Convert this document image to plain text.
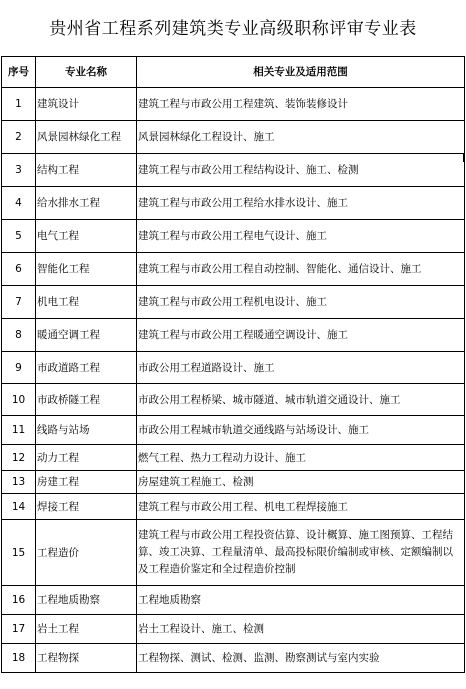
贵州省工程系列建筑类专业高级职称评审专业表
序号	专业名称	相关专业及适用范围
1	建筑设计	建筑工程与市政公用工程建筑、装饰装修设计
2	风景园林绿化工程	风景园林绿化工程设计、施工
3	结构工程	建筑工程与市政公用工程结构设计、施工、检测
4	给水排水工程	建筑工程与市政公用工程给水排水设计、施工
5	电气工程	建筑工程与市政公用工程电气设计、施工
6	智能化工程	建筑工程与市政公用工程自动控制、智能化、通信设计、施工
7	机电工程	建筑工程与市政公用工程机电设计、施工
8	暖通空调工程	建筑工程与市政公用工程暖通空调设计、施工
9	市政道路工程	市政公用工程道路设计、施工
10	市政桥隧工程	市政公用工程桥梁、城市隧道、城市轨道交通设计、施工
11	线路与站场	市政公用工程城市轨道交通线路与站场设计、施工
12	动力工程	燃气工程、热力工程动力设计、施工
13	房建工程	房屋建筑工程施工、检测
14	焊接工程	建筑工程与市政公用工程、机电工程焊接施工
15	工程造价	建筑工程与市政公用工程投资估算、设计概算、施工图预算、工程结算、竣工决算、工程量清单、最高投标限价编制或审核、定额编制以及工程造价鉴定和全过程造价控制
16	工程地质勘察	工程地质勘察
17	岩土工程	岩土工程设计、施工、检测
18	工程物探	工程物探、测试、检测、监测、勘察测试与室内实验
